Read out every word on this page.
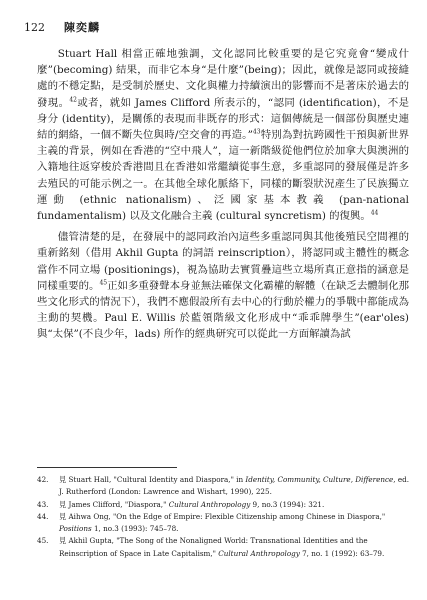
122 陳奕麟

Stuart Hall 相當正確地強調，文化認同比較重要的是它究竟會“變成什麼”(becoming) 結果，而非它本身“是什麼”(being)；因此，就像是認同或接縫處的不穩定點，是受制於歷史、文化與權力持續演出的影響而不是著床於過去的發現。$^{42}$或者，就如 James Clifford 所表示的，“認同 (identification)，不是身分 (identity)，是關係的表現而非既存的形式：這個傳統是一個部份與歷史連結的網絡，一個不斷失位與時/空交會的再造。”$^{43}$特別為對抗跨國性干預與新世界主義的背景，例如在香港的“空中飛人”，這一新階級從他們位於加拿大與澳洲的入籍地往返穿梭於香港間且在香港如常繼續從事生意，多重認同的發展僅是許多去殖民的可能示例之一。在其他全球化脈絡下，同樣的斷裂狀況產生了民族獨立運動 (ethnic nationalism)、泛國家基本教義 (pan-national fundamentalism) 以及文化融合主義 (cultural syncretism) 的復興。$^{44}$

儘管清楚的是，在發展中的認同政治內這些多重認同與其他後殖民空間裡的重新銘刻（借用 Akhil Gupta 的詞語 reinscription），將認同或主體性的概念當作不同立場 (positionings)，視為協助去實質疊這些立場所真正意指的涵意是同樣重要的。$^{45}$正如多重發聲本身並無法確保文化霸權的解體（在缺乏去體制化那些文化形式的情況下），我們不應假設所有去中心的行動於權力的爭戰中都能成為主動的契機。Paul E. Willis 於藍領階級文化形成中“乖乖牌學生”(ear'oles) 與“太保”(不良少年，lads) 所作的經典研究可以從此一方面解讀為試

42. 見 Stuart Hall, "Cultural Identity and Diaspora," in Identity, Community, Culture, Difference, ed. J. Rutherford (London: Lawrence and Wishart, 1990), 225.
43. 見 James Clifford, "Diaspora," Cultural Anthropology 9, no.3 (1994): 321.
44. 見 Aihwa Ong, "On the Edge of Empire: Flexible Citizenship among Chinese in Diaspora," Positions 1, no.3 (1993): 745–78.
45. 見 Akhil Gupta, "The Song of the Nonaligned World: Transnational Identities and the Reinscription of Space in Late Capitalism," Cultural Anthropology 7, no. 1 (1992): 63–79.
